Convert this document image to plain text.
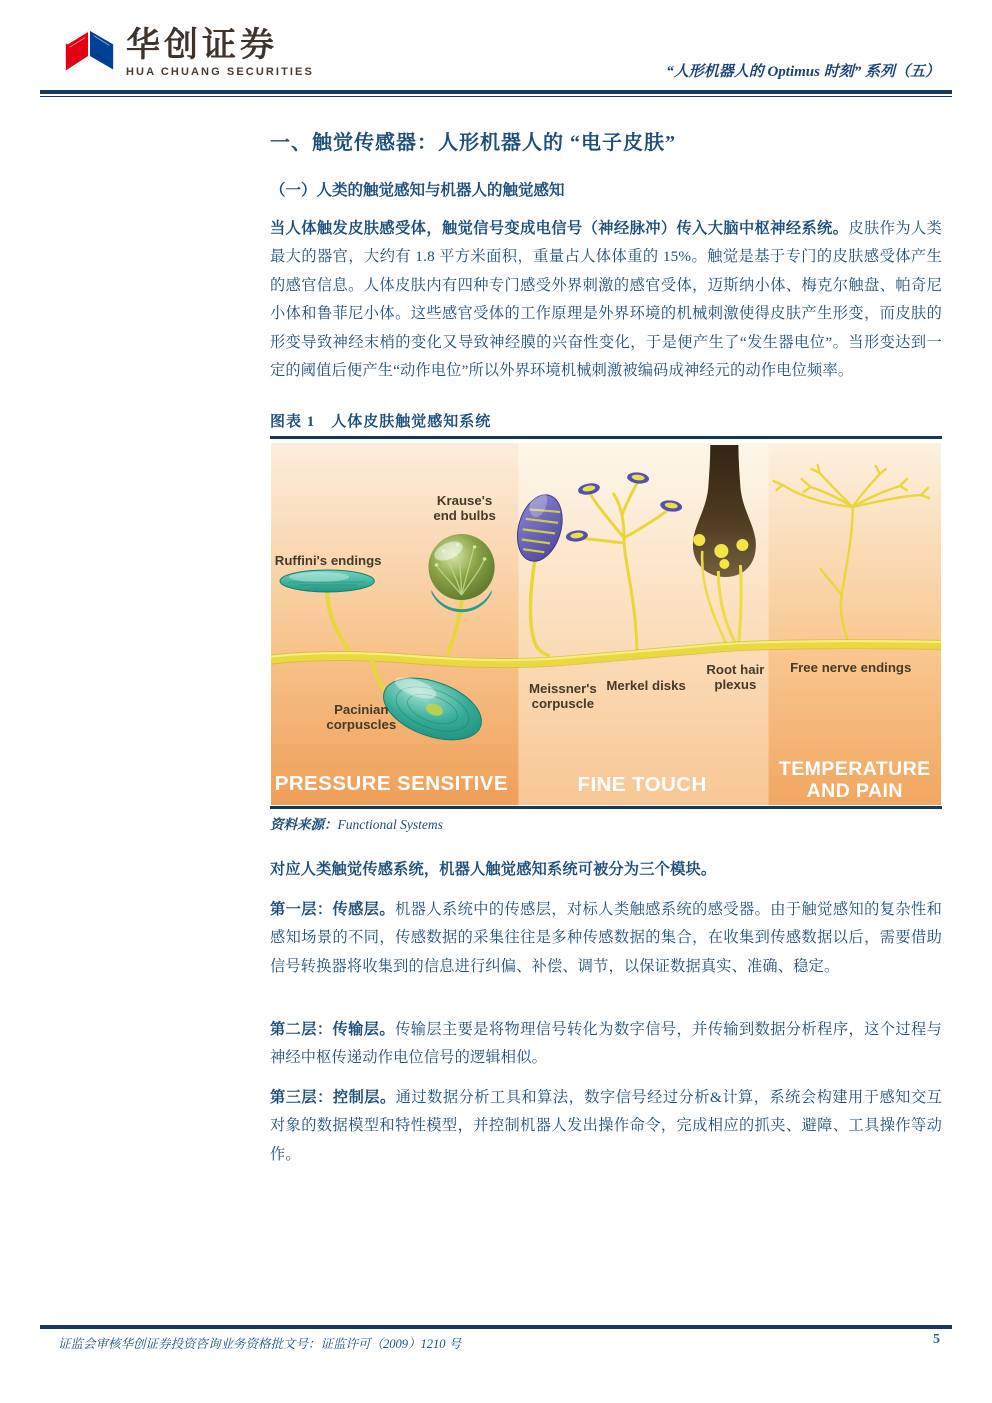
华创证券
HUA CHUANG SECURITIES	“人形机器人的 Optimus 时刻” 系列（五）
一、触觉传感器：人形机器人的 “电子皮肤”
（一）人类的触觉感知与机器人的触觉感知
当人体触发皮肤感受体，触觉信号变成电信号（神经脉冲）传入大脑中枢神经系统。皮肤作为人类最大的器官，大约有 1.8 平方米面积，重量占人体体重的 15%。触觉是基于专门的皮肤感受体产生的感官信息。人体皮肤内有四种专门感受外界刺激的感官受体，迈斯纳小体、梅克尔触盘、帕奇尼小体和鲁菲尼小体。这些感官受体的工作原理是外界环境的机械刺激使得皮肤产生形变，而皮肤的形变导致神经末梢的变化又导致神经膜的兴奋性变化，于是便产生了“发生器电位”。当形变达到一定的阈值后便产生“动作电位”所以外界环境机械刺激被编码成神经元的动作电位频率。
图表 1　人体皮肤触觉感知系统
Krause's
end bulbs
Ruffini's endings
Pacinian
corpuscles
Meissner's
corpuscle
Merkel disks
Root hair
plexus
Free nerve endings
PRESSURE SENSITIVE	FINE TOUCH
TEMPERATURE
AND PAIN
资料来源：Functional Systems
对应人类触觉传感系统，机器人触觉感知系统可被分为三个模块。
第一层：传感层。机器人系统中的传感层，对标人类触感系统的感受器。由于触觉感知的复杂性和感知场景的不同，传感数据的采集往往是多种传感数据的集合，在收集到传感数据以后，需要借助信号转换器将收集到的信息进行纠偏、补偿、调节，以保证数据真实、准确、稳定。
第二层：传输层。传输层主要是将物理信号转化为数字信号，并传输到数据分析程序，这个过程与神经中枢传递动作电位信号的逻辑相似。
第三层：控制层。通过数据分析工具和算法，数字信号经过分析&计算，系统会构建用于感知交互对象的数据模型和特性模型，并控制机器人发出操作命令，完成相应的抓夹、避障、工具操作等动作。
证监会审核华创证券投资咨询业务资格批文号：证监许可（2009）1210 号	5
